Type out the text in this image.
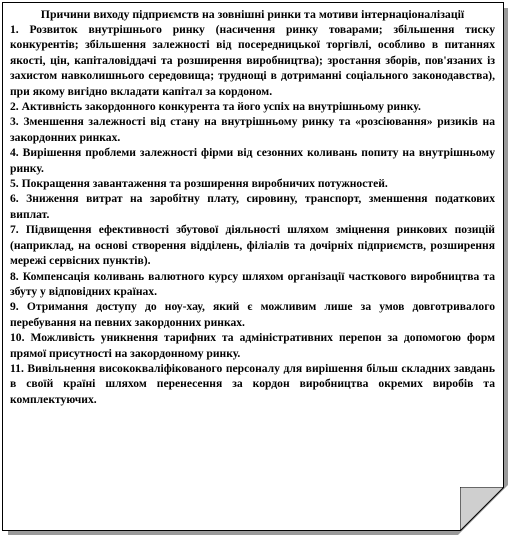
Причини виходу підприємств на зовнішні ринки та мотиви інтернаціоналізації

1. Розвиток внутрішнього ринку (насичення ринку товарами; збільшення тиску конкурентів; збільшення залежності від посередницької торгівлі, особливо в питаннях якості, цін, капіталовіддачі та розширення виробництва); зростання зборів, пов'язаних із захистом навколишнього середовища; труднощі в дотриманні соціального законодавства), при якому вигідно вкладати капітал за кордоном.

2. Активність закордонного конкурента та його успіх на внутрішньому ринку.

3. Зменшення залежності від стану на внутрішньому ринку та «розсіювання» ризиків на закордонних ринках.

4. Вирішення проблеми залежності фірми від сезонних коливань попиту на внутрішньому ринку.

5. Покращення завантаження та розширення виробничих потужностей.

6. Зниження витрат на заробітну плату, сировину, транспорт, зменшення податкових виплат.

7. Підвищення ефективності збутової діяльності шляхом зміцнення ринкових позицій (наприклад, на основі створення відділень, філіалів та дочірніх підприємств, розширення мережі сервісних пунктів).

8. Компенсація коливань валютного курсу шляхом організації часткового виробництва та збуту у відповідних країнах.

9. Отримання доступу до ноу-хау, який є можливим лише за умов довготривалого перебування на певних закордонних ринках.

10. Можливість уникнення тарифних та адміністративних перепон за допомогою форм прямої присутності на закордонному ринку.

11. Вивільнення висококваліфікованого персоналу для вирішення більш складних завдань в своїй країні шляхом перенесення за кордон виробництва окремих виробів та комплектуючих.
